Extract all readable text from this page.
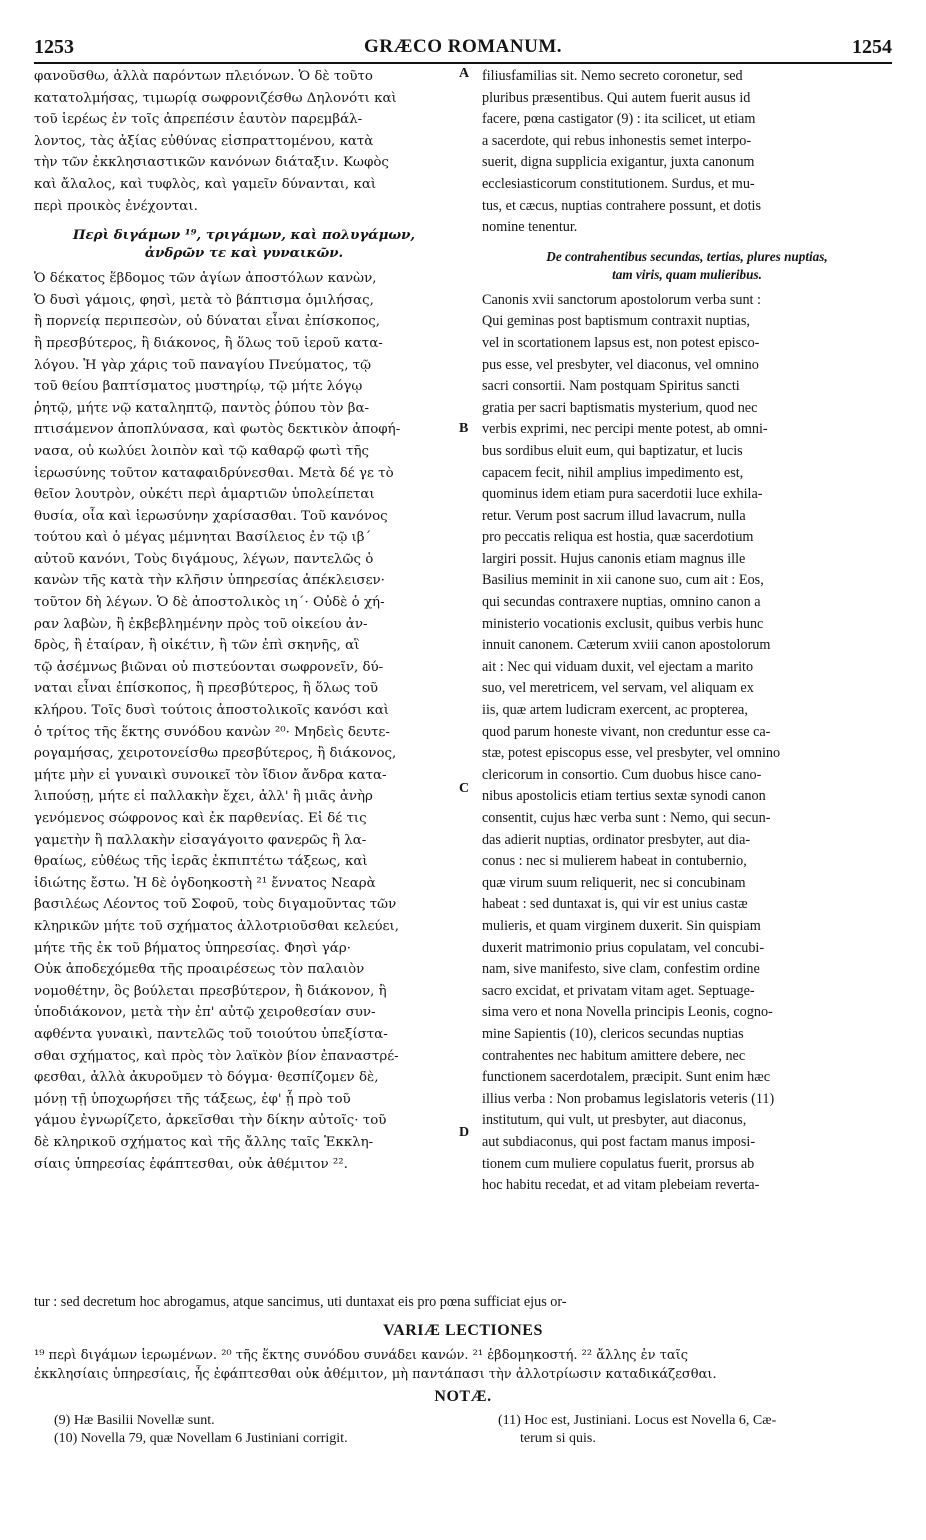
1253	GRÆCO ROMANUM.	1254
φανοῦσθω, ἀλλὰ παρόντων πλειόνων. Ὁ δὲ τοῦτο
κατατολμήσας, τιμωρίᾳ σωφρονιζέσθω Δηλονότι καὶ
τοῦ ἱερέως ἐν τοῖς ἀπρεπέσιν ἑαυτὸν παρεμβάλ-
λοντος, τὰς ἀξίας εὐθύνας εἰσπραττομένου, κατὰ
τὴν τῶν ἐκκλησιαστικῶν κανόνων διάταξιν. Κωφὸς
καὶ ἄλαλος, καὶ τυφλὸς, καὶ γαμεῖν δύνανται, καὶ
περὶ προικὸς ἐνέχονται.
Περὶ διγάμων ¹⁹, τριγάμων, καὶ πολυγάμων,
ἀνδρῶν τε καὶ γυναικῶν.
Ὁ δέκατος ἕβδομος τῶν ἁγίων ἀποστόλων κανὼν,
Ὁ δυσὶ γάμοις, φησὶ, μετὰ τὸ βάπτισμα ὁμιλήσας,
ἢ πορνείᾳ περιπεσὼν, οὐ δύναται εἶναι ἐπίσκοπος,
ἢ πρεσβύτερος, ἢ διάκονος, ἢ ὅλως τοῦ ἱεροῦ κατα-
λόγου. Ἡ γὰρ χάρις τοῦ παναγίου Πνεύματος, τῷ
τοῦ θείου βαπτίσματος μυστηρίῳ, τῷ μήτε λόγῳ
ῥητῷ, μήτε νῷ καταληπτῷ, παντὸς ῥύπου τὸν βα-
πτισάμενον ἀποπλύνασα, καὶ φωτὸς δεκτικὸν ἀποφή-
νασα, οὐ κωλύει λοιπὸν καὶ τῷ καθαρῷ φωτὶ τῆς
ἱερωσύνης τοῦτον καταφαιδρύνεσθαι. Μετὰ δέ γε τὸ
θεῖον λουτρὸν, οὐκέτι περὶ ἁμαρτιῶν ὑπολείπεται
θυσία, οἷα καὶ ἱερωσύνην χαρίσασθαι. Τοῦ κανόνος
τούτου καὶ ὁ μέγας μέμνηται Βασίλειος ἐν τῷ ιβ´
αὐτοῦ κανόνι, Τοὺς διγάμους, λέγων, παντελῶς ὁ
κανὼν τῆς κατὰ τὴν κλῆσιν ὑπηρεσίας ἀπέκλεισεν·
τοῦτον δὴ λέγων. Ὁ δὲ ἀποστολικὸς ιη´· Οὐδὲ ὁ χή-
ραν λαβὼν, ἢ ἐκβεβλημένην πρὸς τοῦ οἰκείου ἀν-
δρὸς, ἢ ἑταίραν, ἢ οἰκέτιν, ἢ τῶν ἐπὶ σκηνῆς, αἳ
τῷ ἀσέμνως βιῶναι οὐ πιστεύονται σωφρονεῖν, δύ-
ναται εἶναι ἐπίσκοπος, ἢ πρεσβύτερος, ἢ ὅλως τοῦ
κλήρου. Τοῖς δυσὶ τούτοις ἀποστολικοῖς κανόσι καὶ
ὁ τρίτος τῆς ἕκτης συνόδου κανὼν ²⁰· Μηδεὶς δευτε-
ρογαμήσας, χειροτονείσθω πρεσβύτερος, ἢ διάκονος,
μήτε μὴν εἰ γυναικὶ συνοικεῖ τὸν ἴδιον ἄνδρα κατα-
λιπούσῃ, μήτε εἰ παλλακὴν ἔχει, ἀλλ' ἢ μιᾶς ἀνὴρ
γενόμενος σώφρονος καὶ ἐκ παρθενίας. Εἰ δέ τις
γαμετὴν ἢ παλλακὴν εἰσαγάγοιτο φανερῶς ἢ λα-
θραίως, εὐθέως τῆς ἱερᾶς ἐκπιπτέτω τάξεως, καὶ
ἰδιώτης ἔστω. Ἡ δὲ ὀγδοηκοστὴ ²¹ ἔννατος Νεαρὰ
βασιλέως Λέοντος τοῦ Σοφοῦ, τοὺς διγαμοῦντας τῶν
κληρικῶν μήτε τοῦ σχήματος ἀλλοτριοῦσθαι κελεύει,
μήτε τῆς ἐκ τοῦ βήματος ὑπηρεσίας. Φησὶ γάρ·
Οὐκ ἀποδεχόμεθα τῆς προαιρέσεως τὸν παλαιὸν
νομοθέτην, ὃς βούλεται πρεσβύτερον, ἢ διάκονον, ἢ
ὑποδιάκονον, μετὰ τὴν ἐπ' αὐτῷ χειροθεσίαν συν-
αφθέντα γυναικὶ, παντελῶς τοῦ τοιούτου ὑπεξίστα-
σθαι σχήματος, καὶ πρὸς τὸν λαϊκὸν βίον ἐπαναστρέ-
φεσθαι, ἀλλὰ ἀκυροῦμεν τὸ δόγμα· θεσπίζομεν δὲ,
μόνῃ τῇ ὑποχωρήσει τῆς τάξεως, ἐφ' ᾗ πρὸ τοῦ
γάμου ἐγνωρίζετο, ἀρκεῖσθαι τὴν δίκην αὐτοῖς· τοῦ
δὲ κληρικοῦ σχήματος καὶ τῆς ἄλλης ταῖς Ἐκκλη-
σίαις ὑπηρεσίας ἐφάπτεσθαι, οὐκ ἀθέμιτον ²².
filiusfamilias sit. Nemo secreto coronetur, sed
pluribus præsentibus. Qui autem fuerit ausus id
facere, pœna castigator (9) : ita scilicet, ut etiam
a sacerdote, qui rebus inhonestis semet interpo-
suerit, digna supplicia exigantur, juxta canonum
ecclesiasticorum constitutionem. Surdus, et mu-
tus, et cæcus, nuptias contrahere possunt, et dotis
nomine tenentur.
De contrahentibus secundas, tertias, plures nuptias,
tam viris, quam mulieribus.
Canonis xvii sanctorum apostolorum verba sunt :
Qui geminas post baptismum contraxit nuptias,
vel in scortationem lapsus est, non potest episco-
pus esse, vel presbyter, vel diaconus, vel omnino
sacri consortii. Nam postquam Spiritus sancti
gratia per sacri baptismatis mysterium, quod nec
verbis exprimi, nec percipi mente potest, ab omni-
bus sordibus eluit eum, qui baptizatur, et lucis
capacem fecit, nihil amplius impedimento est,
quominus idem etiam pura sacerdotii luce exhila-
retur. Verum post sacrum illud lavacrum, nulla
pro peccatis reliqua est hostia, quæ sacerdotium
largiri possit. Hujus canonis etiam magnus ille
Basilius meminit in xii canone suo, cum ait : Eos,
qui secundas contraxere nuptias, omnino canon a
ministerio vocationis exclusit, quibus verbis hunc
innuit canonem. Cæterum xviii canon apostolorum
ait : Nec qui viduam duxit, vel ejectam a marito
suo, vel meretricem, vel servam, vel aliquam ex
iis, quæ artem ludicram exercent, ac propterea,
quod parum honeste vivant, non creduntur esse ca-
stæ, potest episcopus esse, vel presbyter, vel omnino
clericorum in consortio. Cum duobus hisce cano-
nibus apostolicis etiam tertius sextæ synodi canon
consentit, cujus hæc verba sunt : Nemo, qui secun-
das adierit nuptias, ordinator presbyter, aut dia-
conus : nec si mulierem habeat in contubernio,
quæ virum suum reliquerit, nec si concubinam
habeat : sed duntaxat is, qui vir est unius castæ
mulieris, et quam virginem duxerit. Sin quispiam
duxerit matrimonio prius copulatam, vel concubi-
nam, sive manifesto, sive clam, confestim ordine
sacro excidat, et privatam vitam aget. Septuage-
sima vero et nona Novella principis Leonis, cogno-
mine Sapientis (10), clericos secundas nuptias
contrahentes nec habitum amittere debere, nec
functionem sacerdotalem, præcipit. Sunt enim hæc
illius verba : Non probamus legislatoris veteris (11)
institutum, qui vult, ut presbyter, aut diaconus,
aut subdiaconus, qui post factam manus imposi-
tionem cum muliere copulatus fuerit, prorsus ab
hoc habitu recedat, et ad vitam plebeiam reverta-
A
B
C
D
tur : sed decretum hoc abrogamus, atque sancimus, uti duntaxat eis pro pœna sufficiat ejus or-
VARIÆ LECTIONES
¹⁹ περὶ διγάμων ἱερωμένων. ²⁰ τῆς ἕκτης συνόδου συνάδει κανών. ²¹ ἑβδομηκοστή. ²² ἄλλης ἐν ταῖς
ἐκκλησίαις ὑπηρεσίαις, ἧς ἐφάπτεσθαι οὐκ ἀθέμιτον, μὴ παντάπασι τὴν ἀλλοτρίωσιν καταδικάζεσθαι.
NOTÆ.
(9) Hæ Basilii Novellæ sunt.
(10) Novella 79, quæ Novellam 6 Justiniani corrigit.
(11) Hoc est, Justiniani. Locus est Novella 6, Cæ-
terum si quis.
